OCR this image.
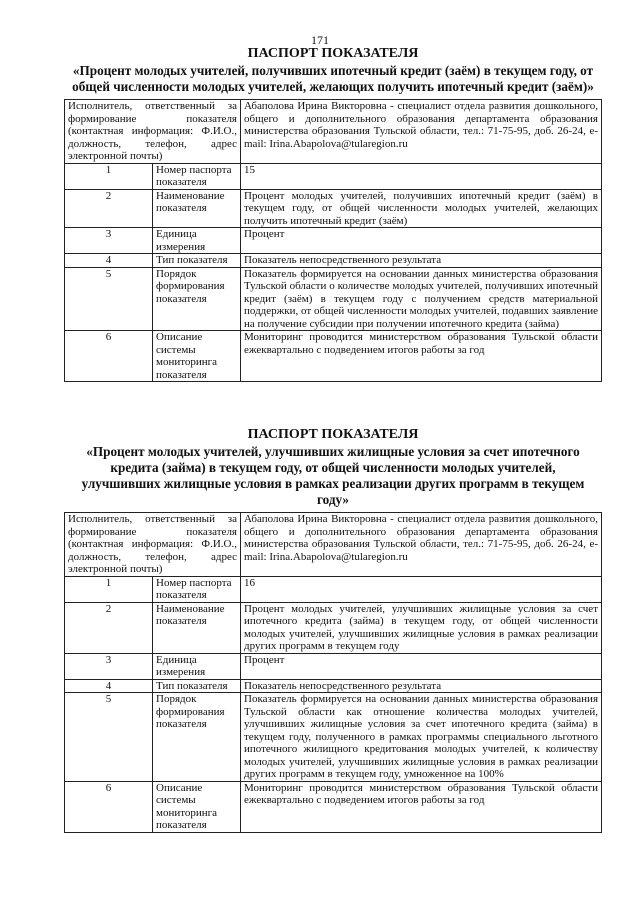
171
ПАСПОРТ ПОКАЗАТЕЛЯ

«Процент молодых учителей, получивших ипотечный кредит (заём) в текущем году, от общей численности молодых учителей, желающих получить ипотечный кредит (заём)»

Исполнитель, ответственный за формирование показателя (контактная информация: Ф.И.О., должность, телефон, адрес электронной почты)		Абаполова Ирина Викторовна - специалист отдела развития дошкольного, общего и дополнительного образования департамента образования министерства образования Тульской области, тел.: 71-75-95, доб. 26-24, e-mail: Irina.Abapolova@tularegion.ru
1	Номер паспорта показателя	15
2	Наименование показателя	Процент молодых учителей, получивших ипотечный кредит (заём) в текущем году, от общей численности молодых учителей, желающих получить ипотечный кредит (заём)
3	Единица измерения	Процент
4	Тип показателя	Показатель непосредственного результата
5	Порядок формирования показателя	Показатель формируется на основании данных министерства образования Тульской области о количестве молодых учителей, получивших ипотечный кредит (заём) в текущем году с получением средств материальной поддержки, от общей численности молодых учителей, подавших заявление на получение субсидии при получении ипотечного кредита (займа)
6	Описание системы мониторинга показателя	Мониторинг проводится министерством образования Тульской области ежеквартально с подведением итогов работы за год
ПАСПОРТ ПОКАЗАТЕЛЯ

«Процент молодых учителей, улучшивших жилищные условия за счет ипотечного кредита (займа) в текущем году, от общей численности молодых учителей, улучшивших жилищные условия в рамках реализации других программ в текущем году»

Исполнитель, ответственный за формирование показателя (контактная информация: Ф.И.О., должность, телефон, адрес электронной почты)		Абаполова Ирина Викторовна - специалист отдела развития дошкольного, общего и дополнительного образования департамента образования министерства образования Тульской области, тел.: 71-75-95, доб. 26-24, e-mail: Irina.Abapolova@tularegion.ru
1	Номер паспорта показателя	16
2	Наименование показателя	Процент молодых учителей, улучшивших жилищные условия за счет ипотечного кредита (займа) в текущем году, от общей численности молодых учителей, улучшивших жилищные условия в рамках реализации других программ в текущем году
3	Единица измерения	Процент
4	Тип показателя	Показатель непосредственного результата
5	Порядок формирования показателя	Показатель формируется на основании данных министерства образования Тульской области как отношение количества молодых учителей, улучшивших жилищные условия за счет ипотечного кредита (займа) в текущем году, полученного в рамках программы специального льготного ипотечного жилищного кредитования молодых учителей, к количеству молодых учителей, улучшивших жилищные условия в рамках реализации других программ в текущем году, умноженное на 100%
6	Описание системы мониторинга показателя	Мониторинг проводится министерством образования Тульской области ежеквартально с подведением итогов работы за год
